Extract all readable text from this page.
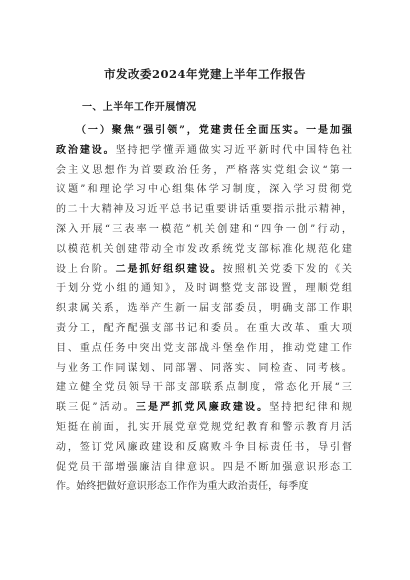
市发改委2024年党建上半年工作报告
一、上半年工作开展情况
（一）聚焦“强引领”，党建责任全面压实。一是加强
政治建设。坚持把学懂弄通做实习近平新时代中国特色社
会主义思想作为首要政治任务，严格落实党组会议“第一
议题”和理论学习中心组集体学习制度，深入学习贯彻党
的二十大精神及习近平总书记重要讲话重要指示批示精神，
深入开展“三表率一模范”机关创建和“四争一创”行动，
以模范机关创建带动全市发改系统党支部标准化规范化建
设上台阶。二是抓好组织建设。按照机关党委下发的《关
于划分党小组的通知》，及时调整党支部设置，理顺党组
织隶属关系，选举产生新一届支部委员，明确支部工作职
责分工，配齐配强支部书记和委员。在重大改革、重大项
目、重点任务中突出党支部战斗堡垒作用，推动党建工作
与业务工作同谋划、同部署、同落实、同检查、同考核。
建立健全党员领导干部支部联系点制度，常态化开展“三
联三促”活动。三是严抓党风廉政建设。坚持把纪律和规
矩挺在前面，扎实开展党章党规党纪教育和警示教育月活
动，签订党风廉政建设和反腐败斗争目标责任书，导引督
促党员干部增强廉洁自律意识。四是不断加强意识形态工
作。始终把做好意识形态工作作为重大政治责任，每季度
